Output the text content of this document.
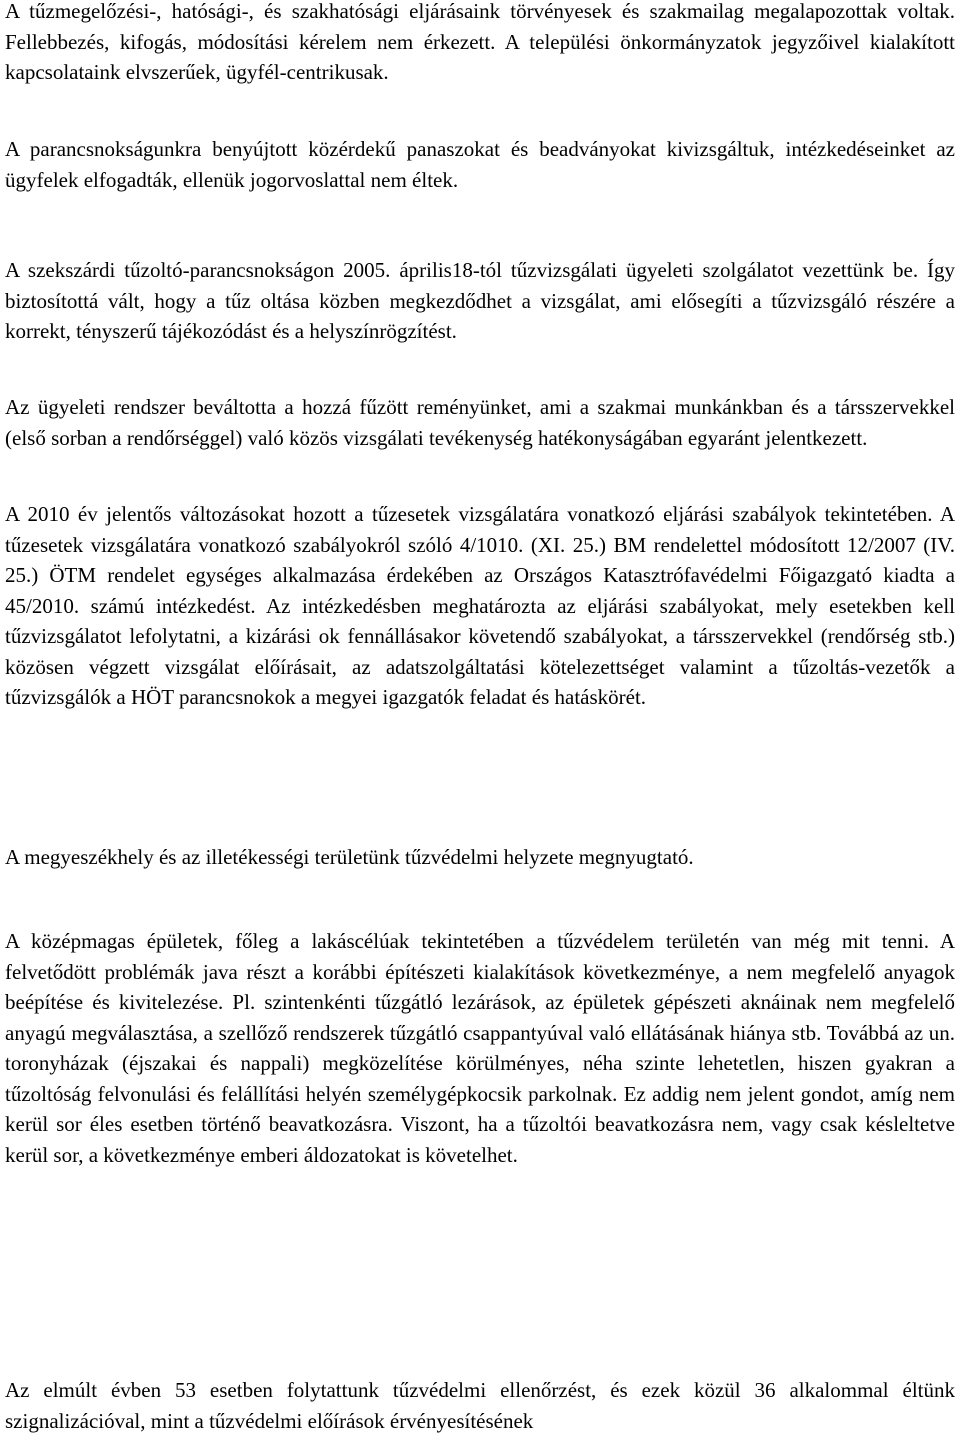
A tűzmegelőzési-, hatósági-, és szakhatósági eljárásaink törvényesek és szakmailag megalapozottak voltak. Fellebbezés, kifogás, módosítási kérelem nem érkezett. A települési önkormányzatok jegyzőivel kialakított kapcsolataink elvszerűek, ügyfél-centrikusak.

A parancsnokságunkra benyújtott közérdekű panaszokat és beadványokat kivizsgáltuk, intézkedéseinket az ügyfelek elfogadták, ellenük jogorvoslattal nem éltek.

A szekszárdi tűzoltó-parancsnokságon 2005. április18-tól tűzvizsgálati ügyeleti szolgálatot vezettünk be. Így biztosítottá vált, hogy a tűz oltása közben megkezdődhet a vizsgálat, ami elősegíti a tűzvizsgáló részére a korrekt, tényszerű tájékozódást és a helyszínrögzítést.

Az ügyeleti rendszer beváltotta a hozzá fűzött reményünket, ami a szakmai munkánkban és a társszervekkel (első sorban a rendőrséggel) való közös vizsgálati tevékenység hatékonyságában egyaránt jelentkezett.

A 2010 év jelentős változásokat hozott a tűzesetek vizsgálatára vonatkozó eljárási szabályok tekintetében. A tűzesetek vizsgálatára vonatkozó szabályokról szóló 4/1010. (XI. 25.) BM rendelettel módosított 12/2007 (IV. 25.) ÖTM rendelet egységes alkalmazása érdekében az Országos Katasztrófavédelmi Főigazgató kiadta a 45/2010. számú intézkedést. Az intézkedésben meghatározta az eljárási szabályokat, mely esetekben kell tűzvizsgálatot lefolytatni, a kizárási ok fennállásakor követendő szabályokat, a társszervekkel (rendőrség stb.) közösen végzett vizsgálat előírásait, az adatszolgáltatási kötelezettséget valamint a tűzoltás-vezetők a tűzvizsgálók a HÖT parancsnokok a megyei igazgatók feladat és hatáskörét.

A megyeszékhely és az illetékességi területünk tűzvédelmi helyzete megnyugtató.

A középmagas épületek, főleg a lakáscélúak tekintetében a tűzvédelem területén van még mit tenni. A felvetődött problémák java részt a korábbi építészeti kialakítások következménye, a nem megfelelő anyagok beépítése és kivitelezése. Pl. szintenkénti tűzgátló lezárások, az épületek gépészeti aknáinak nem megfelelő anyagú megválasztása, a szellőző rendszerek tűzgátló csappantyúval való ellátásának hiánya stb. Továbbá az un. toronyházak (éjszakai és nappali) megközelítése körülményes, néha szinte lehetetlen, hiszen gyakran a tűzoltóság felvonulási és felállítási helyén személygépkocsik parkolnak. Ez addig nem jelent gondot, amíg nem kerül sor éles esetben történő beavatkozásra. Viszont, ha a tűzoltói beavatkozásra nem, vagy csak késleltetve kerül sor, a következménye emberi áldozatokat is követelhet.

Az elmúlt évben 53 esetben folytattunk tűzvédelmi ellenőrzést, és ezek közül 36 alkalommal éltünk szignalizációval, mint a tűzvédelmi előírások érvényesítésének
